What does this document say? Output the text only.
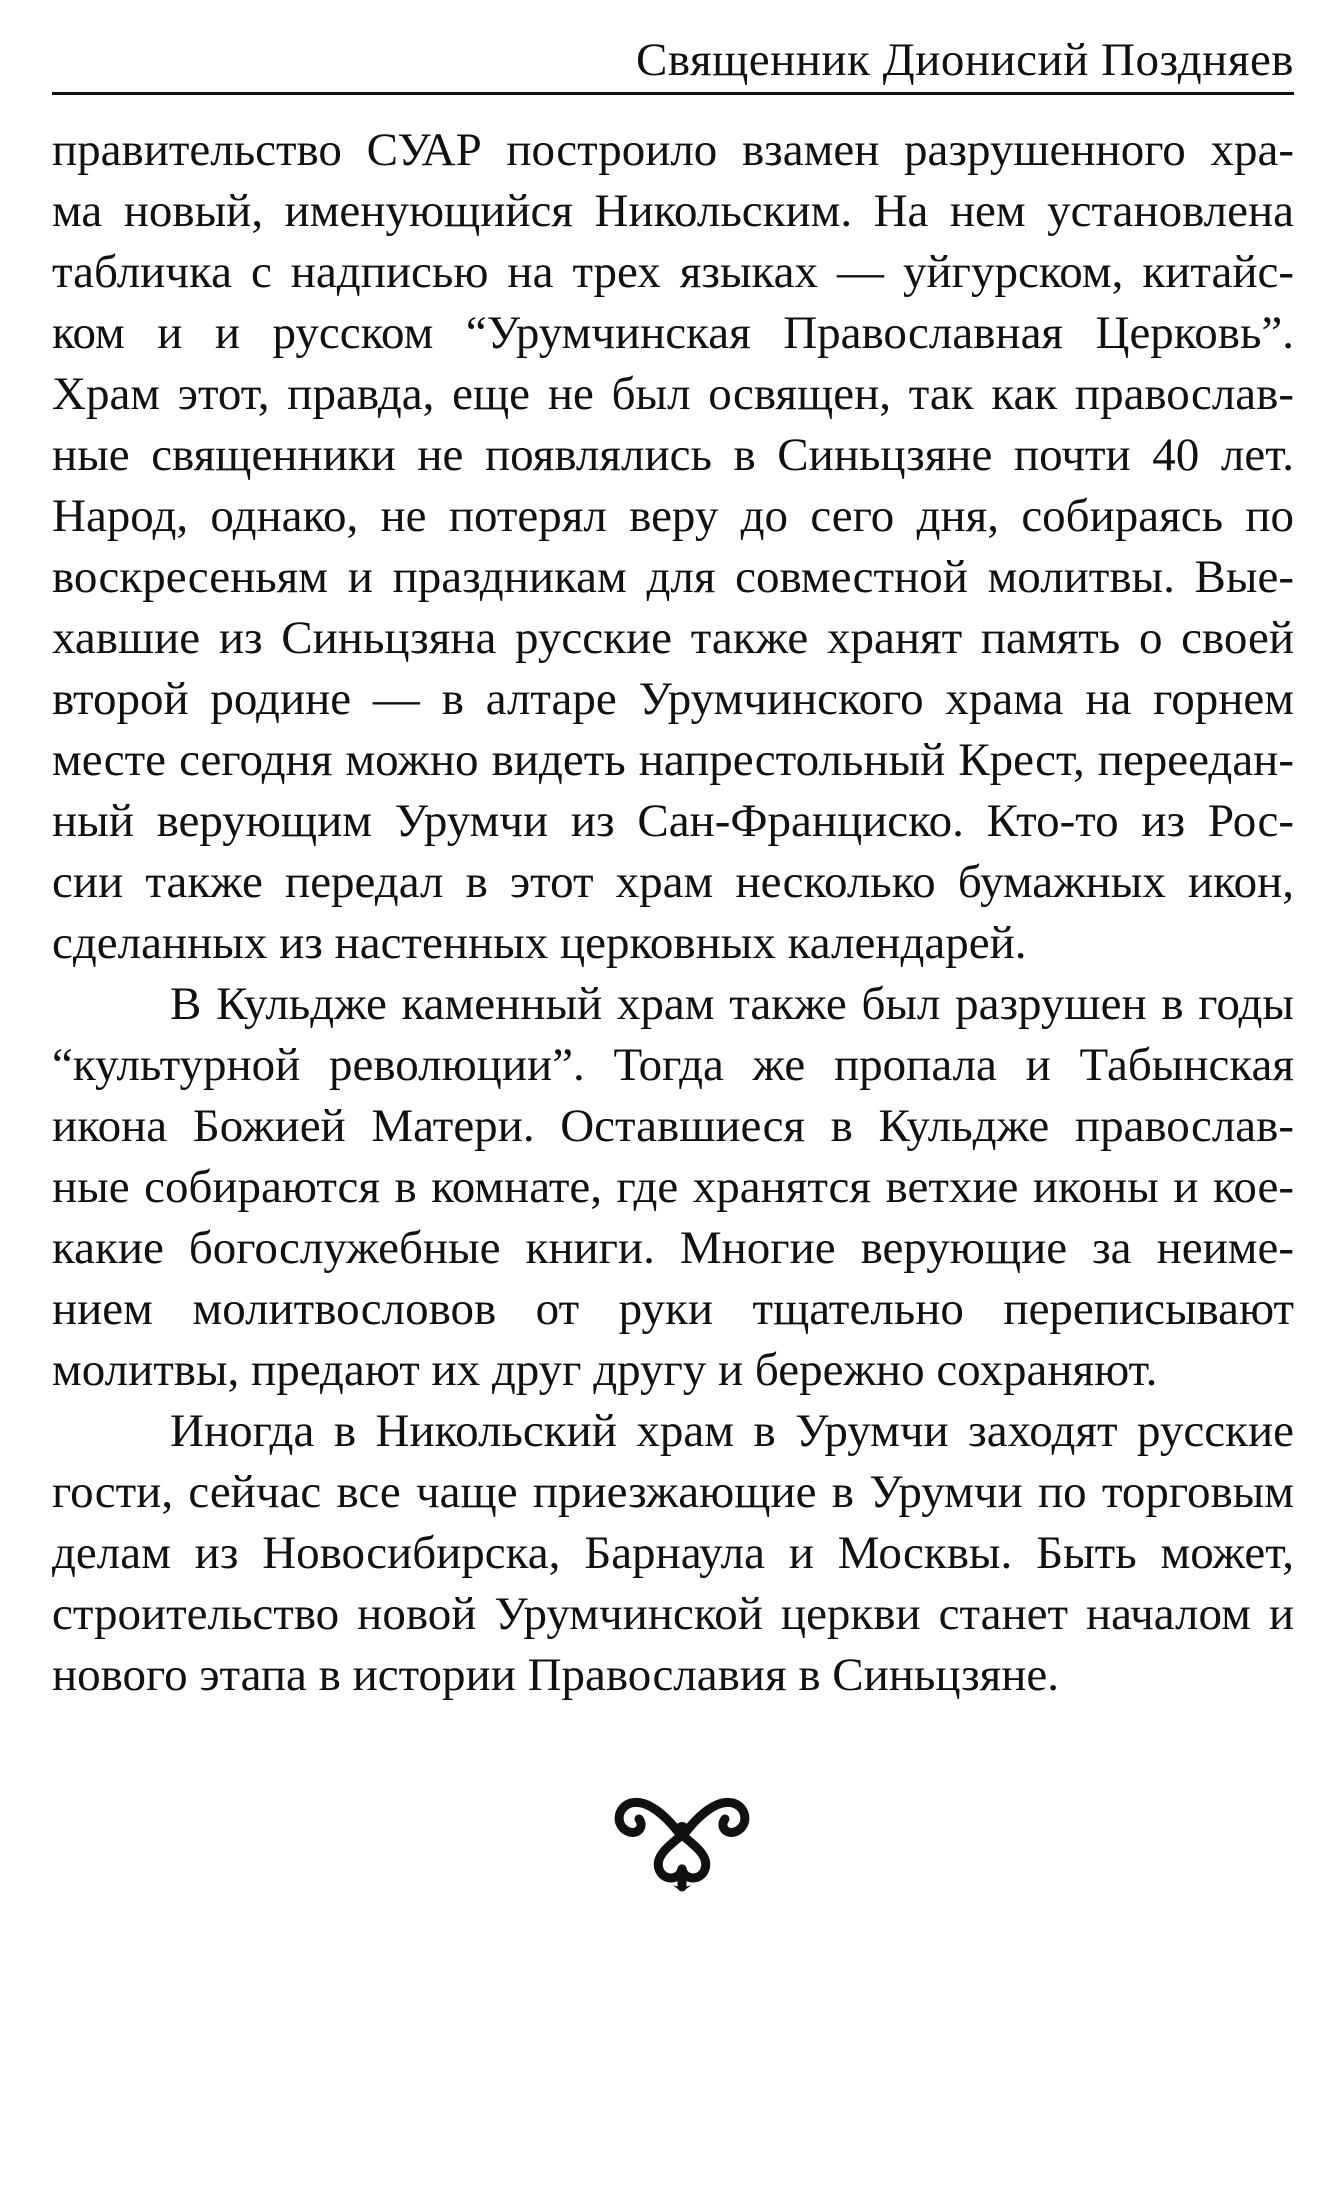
Священник Дионисий Поздняев

правительство СУАР построило взамен разрушенного хра-
ма новый, именующийся Никольским. На нем установлена
табличка с надписью на трех языках — уйгурском, китайс-
ком и и русском “Урумчинская Православная Церковь”.
Храм этот, правда, еще не был освящен, так как православ-
ные священники не появлялись в Синьцзяне почти 40 лет.
Народ, однако, не потерял веру до сего дня, собираясь по
воскресеньям и праздникам для совместной молитвы. Вые-
хавшие из Синьцзяна русские также хранят память о своей
второй родине — в алтаре Урумчинского храма на горнем
месте сегодня можно видеть напрестольный Крест, переедан-
ный верующим Урумчи из Сан-Франциско. Кто-то из Рос-
сии также передал в этот храм несколько бумажных икон,
сделанных из настенных церковных календарей.

В Кульдже каменный храм также был разрушен в годы
“культурной революции”. Тогда же пропала и Табынская
икона Божией Матери. Оставшиеся в Кульдже православ-
ные собираются в комнате, где хранятся ветхие иконы и кое-
какие богослужебные книги. Многие верующие за неиме-
нием молитвословов от руки тщательно переписывают
молитвы, предают их друг другу и бережно сохраняют.

Иногда в Никольский храм в Урумчи заходят русские
гости, сейчас все чаще приезжающие в Урумчи по торговым
делам из Новосибирска, Барнаула и Москвы. Быть может,
строительство новой Урумчинской церкви станет началом и
нового этапа в истории Православия в Синьцзяне.
